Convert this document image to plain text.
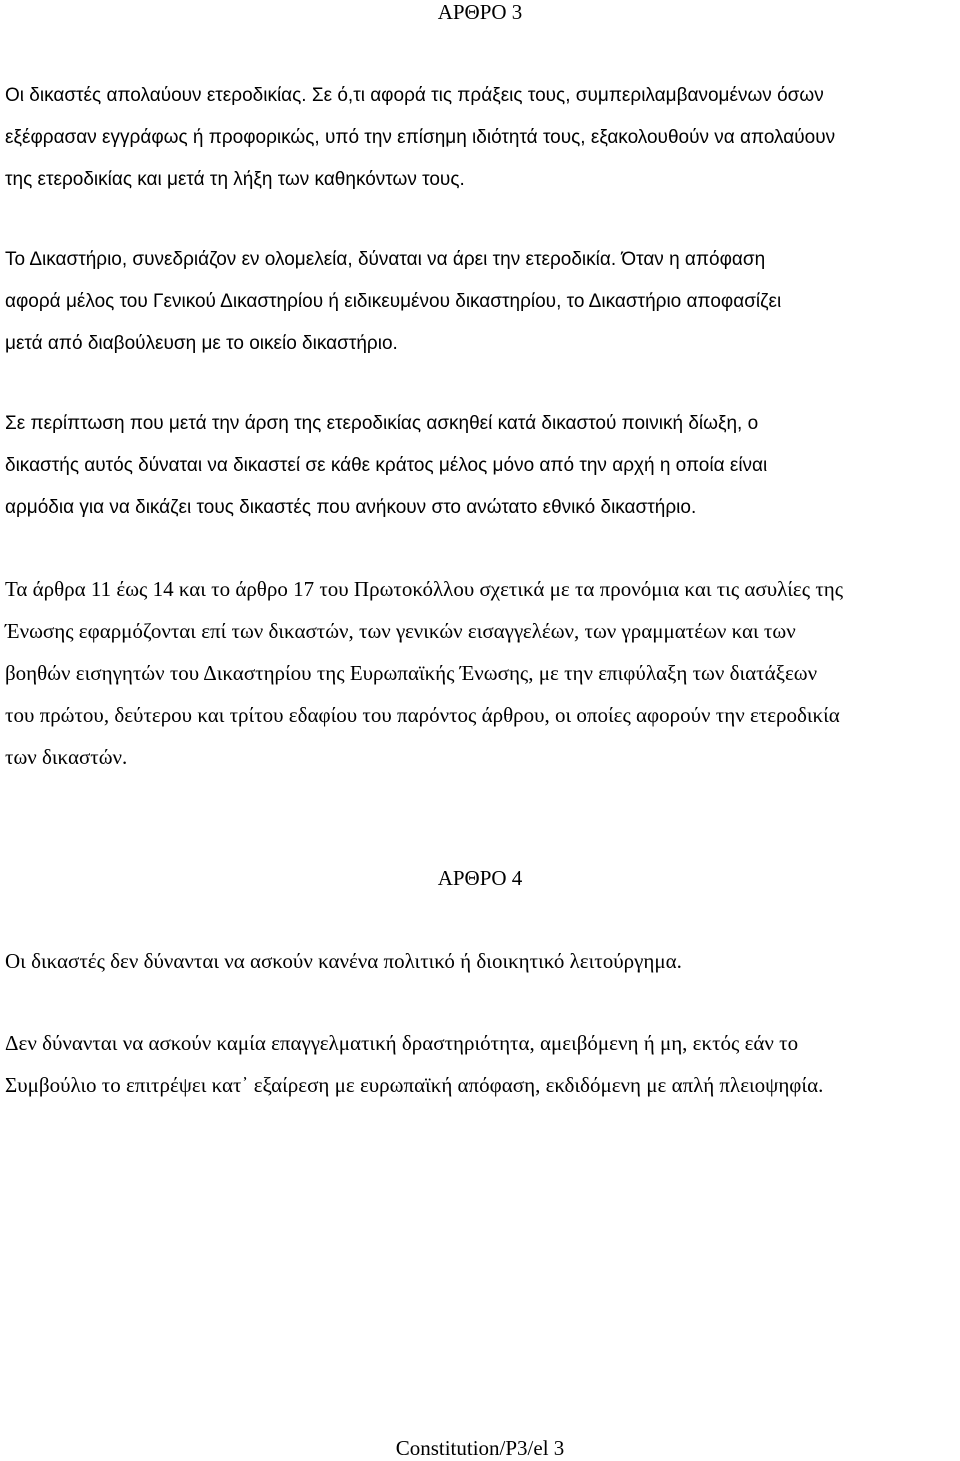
ΑΡΘΡΟ 3
Οι δικαστές απολαύουν ετεροδικίας. Σε ό,τι αφορά τις πράξεις τους, συμπεριλαμβανομένων όσων
εξέφρασαν εγγράφως ή προφορικώς, υπό την επίσημη ιδιότητά τους, εξακολουθούν να απολαύουν
της ετεροδικίας και μετά τη λήξη των καθηκόντων τους.
Το Δικαστήριο, συνεδριάζον εν ολομελεία, δύναται να άρει την ετεροδικία. Όταν η απόφαση
αφορά μέλος του Γενικού Δικαστηρίου ή ειδικευμένου δικαστηρίου, το Δικαστήριο αποφασίζει
μετά από διαβούλευση με το οικείο δικαστήριο.
Σε περίπτωση που μετά την άρση της ετεροδικίας ασκηθεί κατά δικαστού ποινική δίωξη, ο
δικαστής αυτός δύναται να δικαστεί σε κάθε κράτος μέλος μόνο από την αρχή η οποία είναι
αρμόδια για να δικάζει τους δικαστές που ανήκουν στο ανώτατο εθνικό δικαστήριο.
Τα άρθρα 11 έως 14 και το άρθρο 17 του Πρωτοκόλλου σχετικά με τα προνόμια και τις ασυλίες της
Ένωσης εφαρμόζονται επί των δικαστών, των γενικών εισαγγελέων, των γραμματέων και των
βοηθών εισηγητών του Δικαστηρίου της Ευρωπαϊκής Ένωσης, με την επιφύλαξη των διατάξεων
του πρώτου, δεύτερου και τρίτου εδαφίου του παρόντος άρθρου, οι οποίες αφορούν την ετεροδικία
των δικαστών.
ΑΡΘΡΟ 4
Οι δικαστές δεν δύνανται να ασκούν κανένα πολιτικό ή διοικητικό λειτούργημα.
Δεν δύνανται να ασκούν καμία επαγγελματική δραστηριότητα, αμειβόμενη ή μη, εκτός εάν το
Συμβούλιο το επιτρέψει κατ᾽ εξαίρεση με ευρωπαϊκή απόφαση, εκδιδόμενη με απλή πλειοψηφία.
Constitution/P3/el 3
